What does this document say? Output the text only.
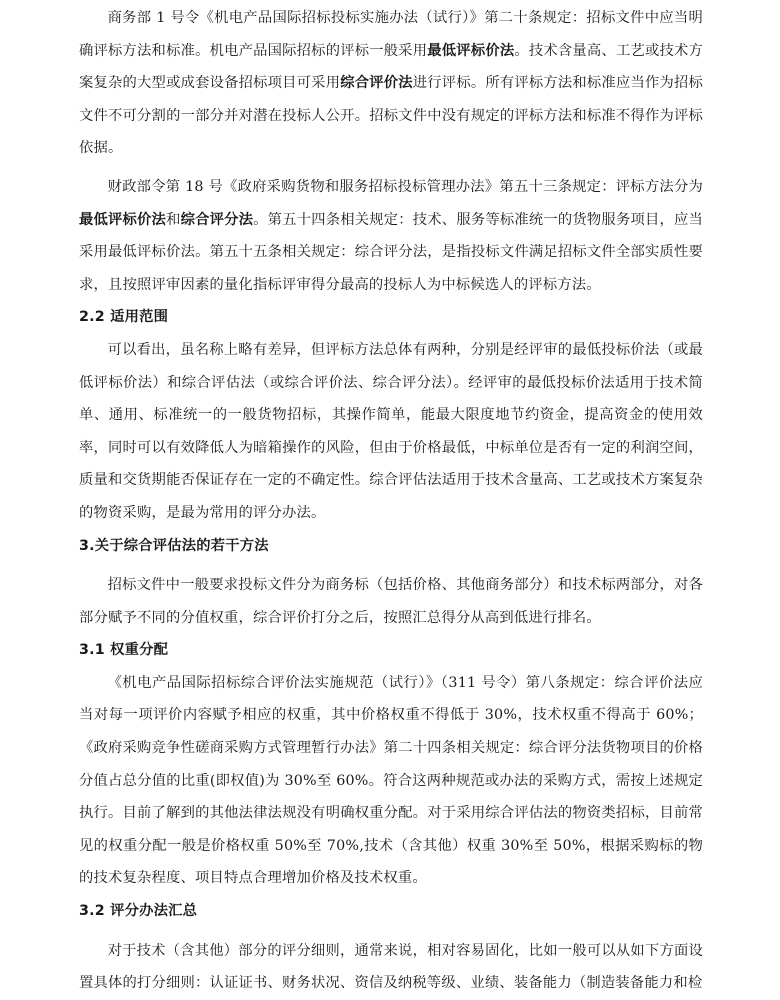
商务部 1 号令《机电产品国际招标投标实施办法（试行）》第二十条规定：招标文件中应当明确评标方法和标准。机电产品国际招标的评标一般采用最低评标价法。技术含量高、工艺或技术方案复杂的大型或成套设备招标项目可采用综合评价法进行评标。所有评标方法和标准应当作为招标文件不可分割的一部分并对潜在投标人公开。招标文件中没有规定的评标方法和标准不得作为评标依据。

财政部令第 18 号《政府采购货物和服务招标投标管理办法》第五十三条规定：评标方法分为最低评标价法和综合评分法。第五十四条相关规定：技术、服务等标准统一的货物服务项目，应当采用最低评标价法。第五十五条相关规定：综合评分法，是指投标文件满足招标文件全部实质性要求，且按照评审因素的量化指标评审得分最高的投标人为中标候选人的评标方法。

2.2 适用范围

可以看出，虽名称上略有差异，但评标方法总体有两种，分别是经评审的最低投标价法（或最低评标价法）和综合评估法（或综合评价法、综合评分法）。经评审的最低投标价法适用于技术简单、通用、标准统一的一般货物招标，其操作简单，能最大限度地节约资金，提高资金的使用效率，同时可以有效降低人为暗箱操作的风险，但由于价格最低，中标单位是否有一定的利润空间，质量和交货期能否保证存在一定的不确定性。综合评估法适用于技术含量高、工艺或技术方案复杂的物资采购，是最为常用的评分办法。

3.关于综合评估法的若干方法

招标文件中一般要求投标文件分为商务标（包括价格、其他商务部分）和技术标两部分，对各部分赋予不同的分值权重，综合评价打分之后，按照汇总得分从高到低进行排名。

3.1 权重分配

《机电产品国际招标综合评价法实施规范（试行）》（311 号令）第八条规定：综合评价法应当对每一项评价内容赋予相应的权重，其中价格权重不得低于 30%，技术权重不得高于 60%；《政府采购竞争性磋商采购方式管理暂行办法》第二十四条相关规定：综合评分法货物项目的价格分值占总分值的比重(即权值)为 30%至 60%。符合这两种规范或办法的采购方式，需按上述规定执行。目前了解到的其他法律法规没有明确权重分配。对于采用综合评估法的物资类招标，目前常见的权重分配一般是价格权重 50%至 70%,技术（含其他）权重 30%至 50%，根据采购标的物的技术复杂程度、项目特点合理增加价格及技术权重。

3.2 评分办法汇总

对于技术（含其他）部分的评分细则，通常来说，相对容易固化，比如一般可以从如下方面设置具体的打分细则：认证证书、财务状况、资信及纳税等级、业绩、装备能力（制造装备能力和检
